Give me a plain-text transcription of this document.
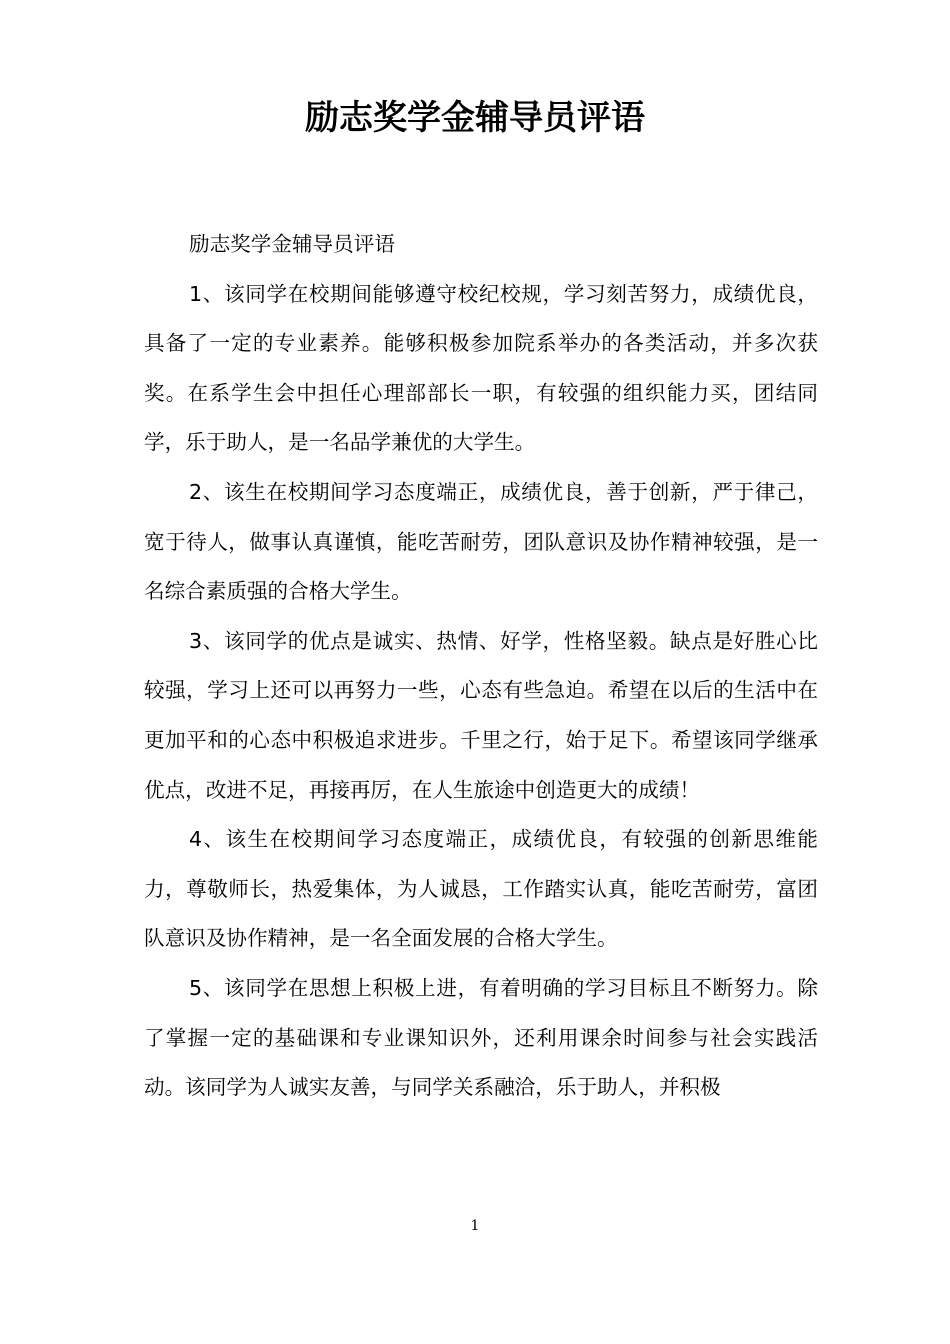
励志奖学金辅导员评语

励志奖学金辅导员评语

1、该同学在校期间能够遵守校纪校规，学习刻苦努力，成绩优良，具备了一定的专业素养。能够积极参加院系举办的各类活动，并多次获奖。在系学生会中担任心理部部长一职，有较强的组织能力买，团结同学，乐于助人，是一名品学兼优的大学生。

2、该生在校期间学习态度端正，成绩优良，善于创新，严于律己，宽于待人，做事认真谨慎，能吃苦耐劳，团队意识及协作精神较强，是一名综合素质强的合格大学生。

3、该同学的优点是诚实、热情、好学，性格坚毅。缺点是好胜心比较强，学习上还可以再努力一些，心态有些急迫。希望在以后的生活中在更加平和的心态中积极追求进步。千里之行，始于足下。希望该同学继承优点，改进不足，再接再厉，在人生旅途中创造更大的成绩！

4、该生在校期间学习态度端正，成绩优良，有较强的创新思维能力，尊敬师长，热爱集体，为人诚恳，工作踏实认真，能吃苦耐劳，富团队意识及协作精神，是一名全面发展的合格大学生。

5、该同学在思想上积极上进，有着明确的学习目标且不断努力。除了掌握一定的基础课和专业课知识外，还利用课余时间参与社会实践活动。该同学为人诚实友善，与同学关系融洽，乐于助人，并积极

1
